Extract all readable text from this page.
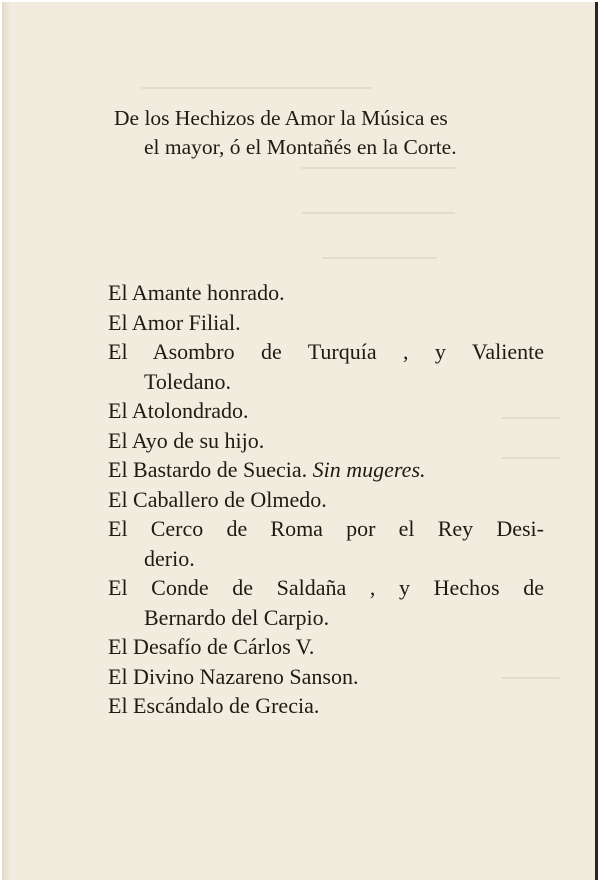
────────────
────────
────────
──────
───
───
───
De los Hechizos de Amor la Música es
el mayor, ó el Montañés en la Corte.
El Amante honrado.
El Amor Filial.
El Asombro de Turquía , y Valiente
Toledano.
El Atolondrado.
El Ayo de su hijo.
El Bastardo de Suecia. Sin mugeres.
El Caballero de Olmedo.
El Cerco de Roma por el Rey Desi-
derio.
El Conde de Saldaña , y Hechos de
Bernardo del Carpio.
El Desafío de Cárlos V.
El Divino Nazareno Sanson.
El Escándalo de Grecia.
